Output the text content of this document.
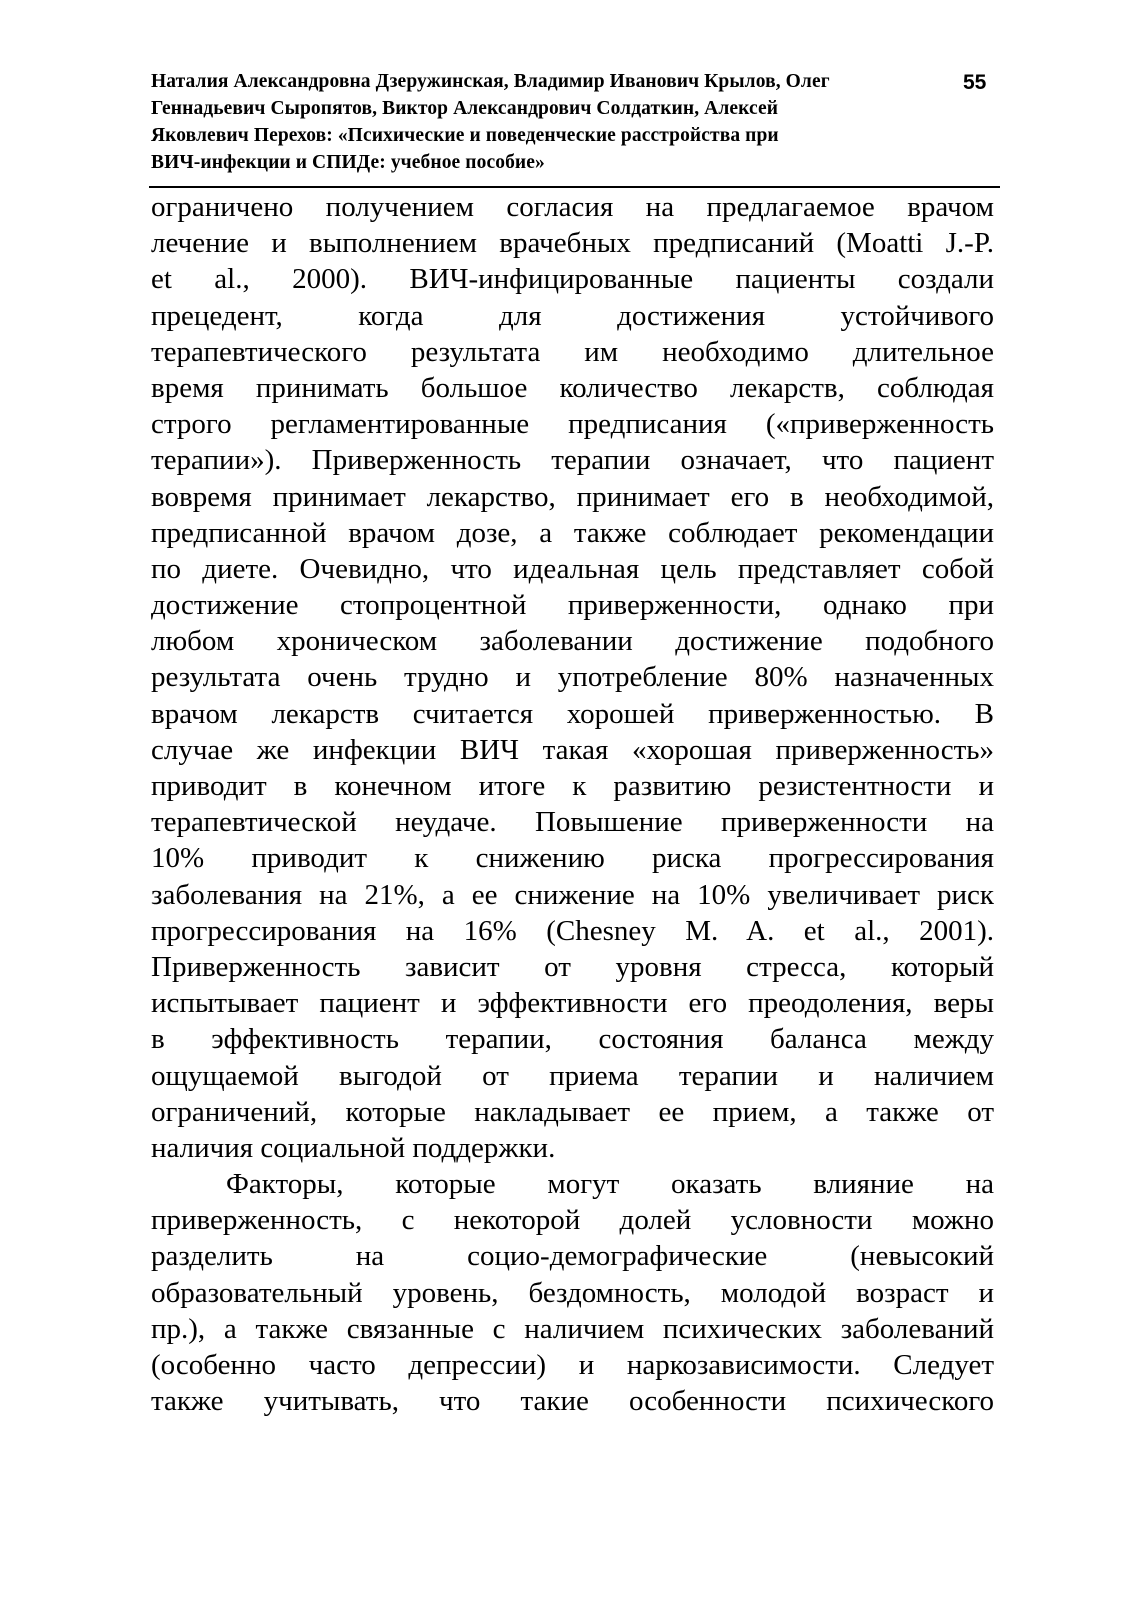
Наталия Александровна Дзеружинская, Владимир Иванович Крылов, Олег
Геннадьевич Сыропятов, Виктор Александрович Солдаткин, Алексей
Яковлевич Перехов: «Психические и поведенческие расстройства при
ВИЧ-инфекции и СПИДе: учебное пособие»
55
ограничено получением согласия на предлагаемое врачом
лечение и выполнением врачебных предписаний (Moatti J.-P.
et al., 2000). ВИЧ-инфицированные пациенты создали
прецедент, когда для достижения устойчивого
терапевтического результата им необходимо длительное
время принимать большое количество лекарств, соблюдая
строго регламентированные предписания («приверженность
терапии»). Приверженность терапии означает, что пациент
вовремя принимает лекарство, принимает его в необходимой,
предписанной врачом дозе, а также соблюдает рекомендации
по диете. Очевидно, что идеальная цель представляет собой
достижение стопроцентной приверженности, однако при
любом хроническом заболевании достижение подобного
результата очень трудно и употребление 80% назначенных
врачом лекарств считается хорошей приверженностью. В
случае же инфекции ВИЧ такая «хорошая приверженность»
приводит в конечном итоге к развитию резистентности и
терапевтической неудаче. Повышение приверженности на
10% приводит к снижению риска прогрессирования
заболевания на 21%, а ее снижение на 10% увеличивает риск
прогрессирования на 16% (Chesney M. A. et al., 2001).
Приверженность зависит от уровня стресса, который
испытывает пациент и эффективности его преодоления, веры
в эффективность терапии, состояния баланса между
ощущаемой выгодой от приема терапии и наличием
ограничений, которые накладывает ее прием, а также от
наличия социальной поддержки.
Факторы, которые могут оказать влияние на
приверженность, с некоторой долей условности можно
разделить на социо-демографические (невысокий
образовательный уровень, бездомность, молодой возраст и
пр.), а также связанные с наличием психических заболеваний
(особенно часто депрессии) и наркозависимости. Следует
также учитывать, что такие особенности психического
